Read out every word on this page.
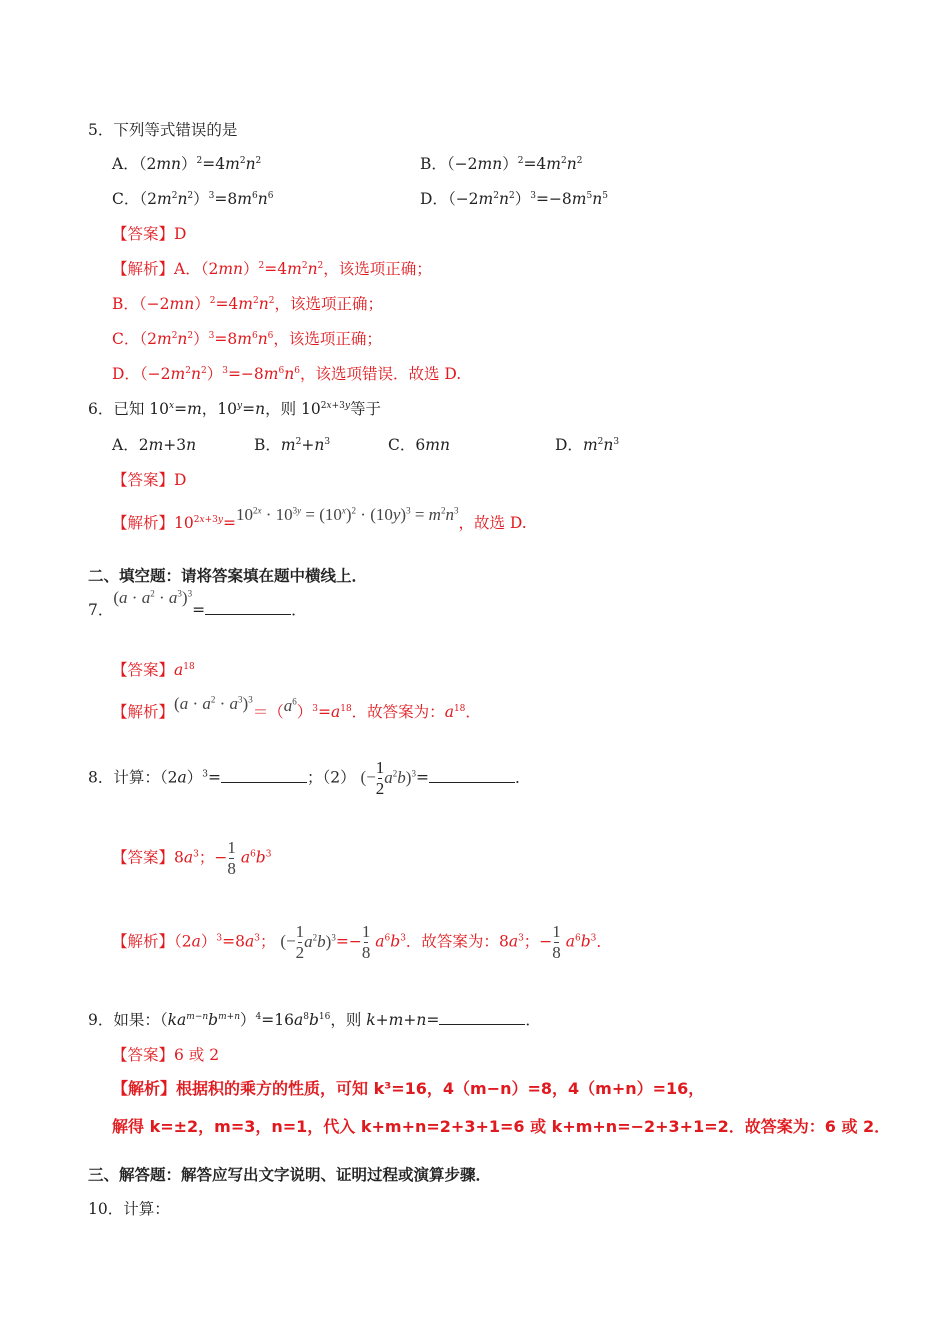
5．下列等式错误的是
A．$(2mn)^2=4m^2n^2$	B．$(-2mn)^2=4m^2n^2$
C．$(2m^2n^2)^3=8m^6n^6$	D．$(-2m^2n^2)^3=-8m^5n^5$
【答案】D
【解析】A．$(2mn)^2=4m^2n^2$，该选项正确；
B．$(-2mn)^2=4m^2n^2$，该选项正确；
C．$(2m^2n^2)^3=8m^6n^6$，该选项正确；
D．$(-2m^2n^2)^3=-8m^6n^6$，该选项错误．故选 D.
6．已知 $10^x=m$，$10^y=n$，则 $10^{2x+3y}$等于
A．2m+3n	B．$m^2+n^3$	C．6mn	D．$m^2n^3$
【答案】D
【解析】$10^{2x+3y}=10^{2x} \cdot 10^{3y} = (10^x)^2 \cdot (10y)^3 = m^2n^3$，故选 D.
二、填空题：请将答案填在题中横线上．
7．$(a \cdot a^2 \cdot a^3)^3=$	．
【答案】$a^{18}$
【解析】$(a \cdot a^2 \cdot a^3)^3=(a^6)^3=a^{18}$．故答案为：$a^{18}$．
8．计算：$(2a)^3=$	；（2） (− $\frac{1}{2} a^2b)^3=$	．
【答案】$8a^3$；− $\frac{1}{8} a^6b^3$
【解析】$(2a)^3=8a^3$； (− $\frac{1}{2} a^2b)^3=- \frac{1}{8} a^6b^3$．故答案为：$8a^3$；− $\frac{1}{8} a^6b^3$．
9．如果：$(ka^{m-n}b^{m+n})^4=16a^8b^{16}$，则 k+m+n=	．
【答案】6 或 2
【解析】根据积的乘方的性质，可知 k³=16，4（m−n）=8，4（m+n）=16，
解得 k=±2，m=3，n=1，代入 k+m+n=2+3+1=6 或 k+m+n=−2+3+1=2．故答案为：6 或 2．
三、解答题：解答应写出文字说明、证明过程或演算步骤．
10．计算：
